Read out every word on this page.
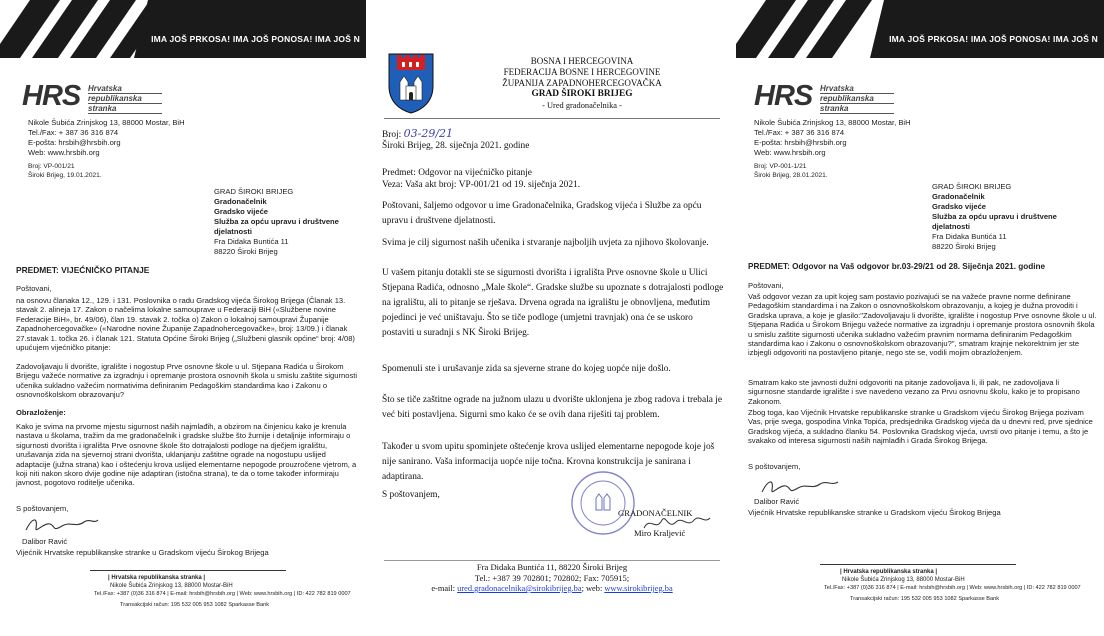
IMA JOŠ PRKOSA! IMA JOŠ PONOSA! IMA JOŠ N
HRS Hrvatska
republikanska
stranka
Nikole Šubića Zrinjskog 13, 88000 Mostar, BiH
Tel./Fax: + 387 36 316 874
E-pošta: hrsbih@hrsbih.org
Web: www.hrsbih.org
Broj: VP-001/21
Široki Brijeg, 19.01.2021.
GRAD ŠIROKI BRIJEG
Gradonačelnik
Gradsko vijeće
Služba za opću upravu i društvene
djelatnosti
Fra Didaka Buntića 11
88220 Široki Brijeg
PREDMET: VIJEĆNIČKO PITANJE
Poštovani,
na osnovu članaka 12., 129. i 131. Poslovnika o radu Gradskog vijeća Širokog Brijega (Članak 13. stavak 2. alineja 17. Zakon o načelima lokalne samouprave u Federaciji BiH («Službene novine Federacije BiH», br. 49/06), član 19. stavak 2. točka o) Zakon o lokalnoj samoupravi Županije Zapadnohercegovačke» («Narodne novine Županije Zapadnohercegovačke», broj: 13/09.) i članak 27.stavak 1. točka 26. i članak 121. Statuta Općine Široki Brijeg („Službeni glasnik općine“ broj: 4/08) upućujem vijećničko pitanje:
Zadovoljavaju li dvorište, igralište i nogostup Prve osnovne škole u ul. Stjepana Radića u Širokom Brijegu važeće normative za izgradnju i opremanje prostora osnovnih škola u smislu zaštite sigurnosti učenika sukladno važećim normativima definiranim Pedagoškim standardima kao i Zakonu o osnovnoškolskom obrazovanju?
Obrazloženje:
Kako je svima na prvome mjestu sigurnost naših najmlađih, a obzirom na činjenicu kako je krenula nastava u školama, tražim da me gradonačelnik i gradske službe što žurnije i detaljnije informiraju o sigurnosti dvorišta i igrališta Prve osnovne škole što dotrajalosti podloge na dječjem igralištu, urušavanja zida na sjevernoj strani dvorišta, uklanjanju zaštitne ograde na nogostupu uslijed adaptacije (južna strana) kao i oštećenju krova uslijed elementarne nepogode prouzročene vjetrom, a koji niti nakon skoro dvije godine nije adaptiran (istočna strana), te da o tome također informiraju javnost, pogotovo roditelje učenika.
S poštovanjem,
Dalibor Ravić
Vijećnik Hrvatske republikanske stranke u Gradskom vijeću Širokog Brijega
| Hrvatska republikanska stranka |
Nikole Šubića Zrinjskog 13, 88000 Mostar-BiH
Tel./Fax: +387 (0)36 316 874 | E-mail: hrsbih@hrsbih.org | Web: www.hrsbih.org | ID: 422 782 819 0007
Transakcijski račun: 195 532 005 953 1082 Sparkasse Bank
BOSNA I HERCEGOVINA
FEDERACIJA BOSNE I HERCEGOVINE
ŽUPANIJA ZAPADNOHERCEGOVAČKA
GRAD ŠIROKI BRIJEG
- Ured gradonačelnika -
Broj: 03-29/21
Široki Brijeg, 28. siječnja 2021. godine
Predmet: Odgovor na vijećničko pitanje
Veza: Vaša akt broj: VP-001/21 od 19. siječnja 2021.
Poštovani, šaljemo odgovor u ime Gradonačelnika, Gradskog vijeća i Službe za opću upravu i društvene djelatnosti.
Svima je cilj sigurnost naših učenika i stvaranje najboljih uvjeta za njihovo školovanje.
U vašem pitanju dotakli ste se sigurnosti dvorišta i igrališta Prve osnovne škole u Ulici Stjepana Radića, odnosno „Male škole“. Gradske službe su upoznate s dotrajalosti podloge na igralištu, ali to pitanje se rješava. Drvena ograda na igralištu je obnovljena, međutim pojedinci je već uništavaju. Što se tiče podloge (umjetni travnjak) ona će se uskoro postaviti u suradnji s NK Široki Brijeg.
Spomenuli ste i urušavanje zida sa sjeverne strane do kojeg uopće nije došlo.
Što se tiče zaštitne ograde na južnom ulazu u dvorište uklonjena je zbog radova i trebala je već biti postavljena. Sigurni smo kako će se ovih dana riješiti taj problem.
Također u svom upitu spominjete oštećenje krova uslijed elementarne nepogode koje još nije sanirano. Vaša informacija uopće nije točna. Krovna konstrukcija je sanirana i adaptirana.
S poštovanjem,
GRADONAČELNIK
Miro Kraljević
Fra Didaka Buntića 11, 88220 Široki Brijeg
Tel.: +387 39 702801; 702802; Fax: 705915;
e-mail: ured.gradonacelnika@sirokibrijeg.ba; web: www.sirokibrijeg.ba
IMA JOŠ PRKOSA! IMA JOŠ PONOSA! IMA JOŠ N
HRS Hrvatska
republikanska
stranka
Nikole Šubića Zrinjskog 13, 88000 Mostar, BiH
Tel./Fax: + 387 36 316 874
E-pošta: hrsbih@hrsbih.org
Web: www.hrsbih.org
Broj: VP-001-1/21
Široki Brijeg, 28.01.2021.
GRAD ŠIROKI BRIJEG
Gradonačelnik
Gradsko vijeće
Služba za opću upravu i društvene
djelatnosti
Fra Didaka Buntića 11
88220 Široki Brijeg
PREDMET: Odgovor na Vaš odgovor br.03-29/21 od 28. Siječnja 2021. godine
Poštovani,
Vaš odgovor vezan za upit kojeg sam postavio pozivajući se na važeće pravne norme definirane Pedagoškim standardima i na Zakon o osnovnoškolskom obrazovanju, a kojeg je dužna provoditi i Gradska uprava, a koje je glasilo:"Zadovoljavaju li dvorište, igralište i nogostup Prve osnovne škole u ul. Stjepana Radića u Širokom Brijegu važeće normative za izgradnju i opremanje prostora osnovnih škola u smislu zaštite sigurnosti učenika sukladno važećim pravnim normama definiranim Pedagoškim standardima kao i Zakonu o osnovnoškolskom obrazovanju?", smatram krajnje nekorektnim jer ste izbjegli odgovoriti na postavljeno pitanje, nego ste se, vodili mojim obrazloženjem.
Smatram kako ste javnosti dužni odgovoriti na pitanje zadovoljava li, ili pak, ne zadovoljava li sigurnosne standarde igralište i sve navedeno vezano za Prvu osnovnu školu, kako je to propisano Zakonom.
Zbog toga, kao Vijećnik Hrvatske republikanske stranke u Gradskom vijeću Širokog Brijega pozivam Vas, prije svega, gospodina Vinka Topića, predsjednika Gradskog vijeća da u dnevni red, prve sjednice Gradskog vijeća, a sukladno članku 54. Poslovnika Gradskog vijeća, uvrsti ovo pitanje i temu, a što je svakako od interesa sigurnosti naših najmlađih i Grada Širokog Brijega.
S poštovanjem,
Dalibor Ravić
Vijećnik Hrvatske republikanske stranke u Gradskom vijeću Širokog Brijega
| Hrvatska republikanska stranka |
Nikole Šubića Zrinjskog 13, 88000 Mostar-BiH
Tel./Fax: +387 (0)36 316 874 | E-mail: hrsbih@hrsbih.org | Web: www.hrsbih.org | ID: 422 782 819 0007
Transakcijski račun: 195 532 005 953 1082 Sparkasse Bank
